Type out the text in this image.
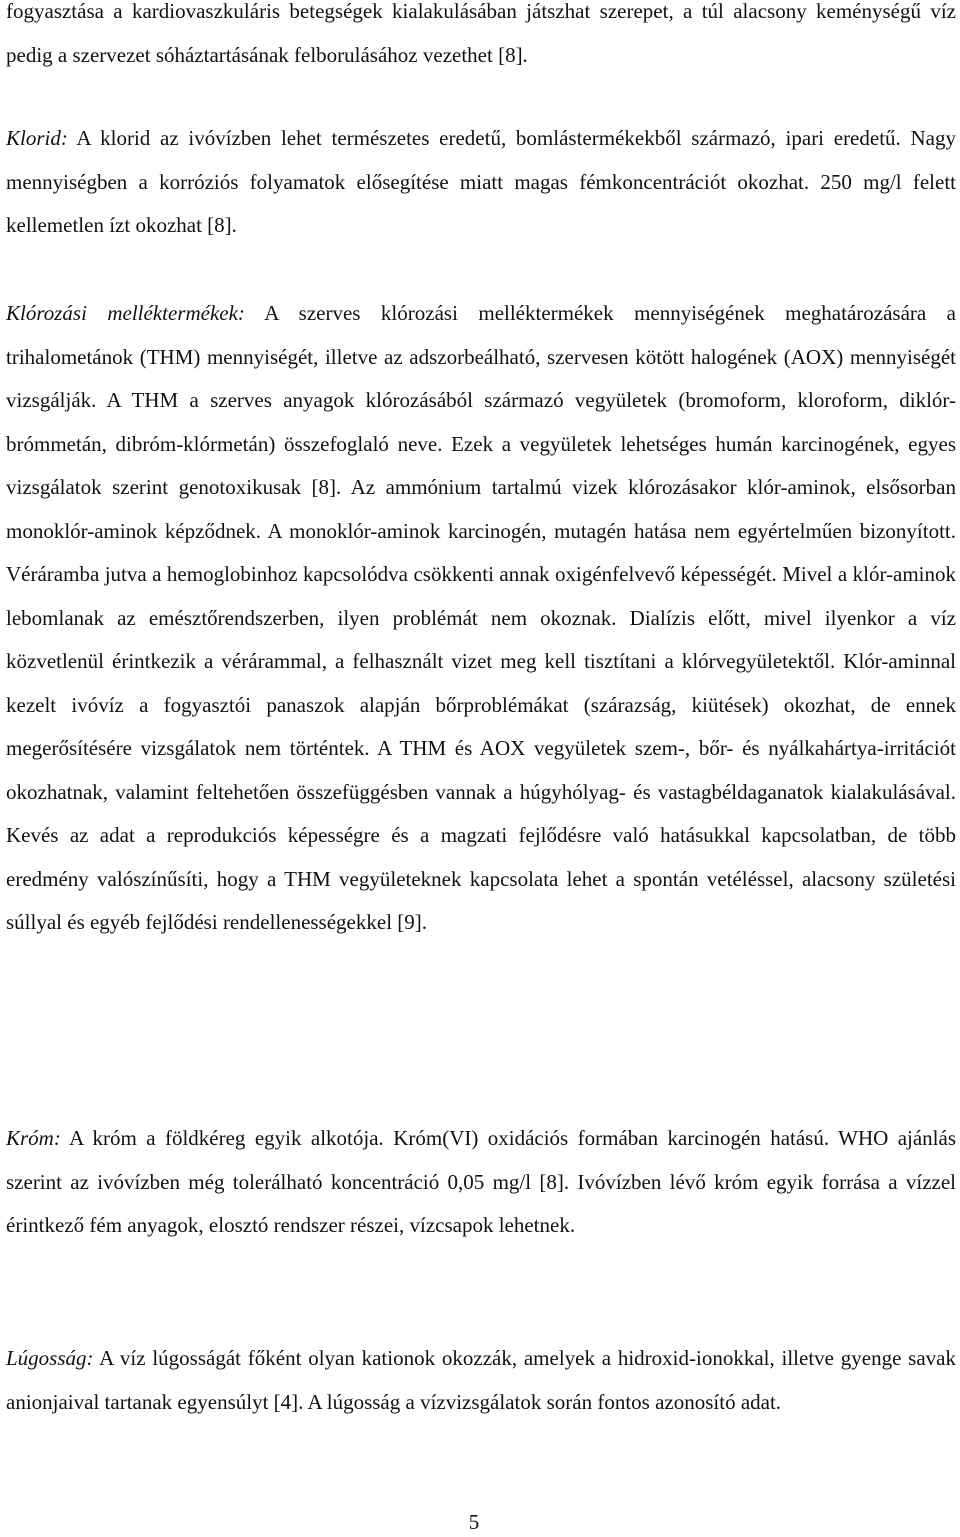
fogyasztása a kardiovaszkuláris betegségek kialakulásában játszhat szerepet, a túl alacsony keménységű víz pedig a szervezet sóháztartásának felborulásához vezethet [8].

Klorid: A klorid az ivóvízben lehet természetes eredetű, bomlástermékekből származó, ipari eredetű. Nagy mennyiségben a korróziós folyamatok elősegítése miatt magas fémkoncentrációt okozhat. 250 mg/l felett kellemetlen ízt okozhat [8].

Klórozási melléktermékek: A szerves klórozási melléktermékek mennyiségének meghatározására a trihalometánok (THM) mennyiségét, illetve az adszorbeálható, szervesen kötött halogének (AOX) mennyiségét vizsgálják. A THM a szerves anyagok klórozásából származó vegyületek (bromoform, kloroform, diklór-brómmetán, dibróm-klórmetán) összefoglaló neve. Ezek a vegyületek lehetséges humán karcinogének, egyes vizsgálatok szerint genotoxikusak [8]. Az ammónium tartalmú vizek klórozásakor klór-aminok, elsősorban monoklór-aminok képződnek. A monoklór-aminok karcinogén, mutagén hatása nem egyértelműen bizonyított. Véráramba jutva a hemoglobinhoz kapcsolódva csökkenti annak oxigénfelvevő képességét. Mivel a klór-aminok lebomlanak az emésztőrendszerben, ilyen problémát nem okoznak. Dialízis előtt, mivel ilyenkor a víz közvetlenül érintkezik a vérárammal, a felhasznált vizet meg kell tisztítani a klórvegyületektől. Klór-aminnal kezelt ivóvíz a fogyasztói panaszok alapján bőrproblémákat (szárazság, kiütések) okozhat, de ennek megerősítésére vizsgálatok nem történtek. A THM és AOX vegyületek szem-, bőr- és nyálkahártya-irritációt okozhatnak, valamint feltehetően összefüggésben vannak a húgyhólyag- és vastagbéldaganatok kialakulásával. Kevés az adat a reprodukciós képességre és a magzati fejlődésre való hatásukkal kapcsolatban, de több eredmény valószínűsíti, hogy a THM vegyületeknek kapcsolata lehet a spontán vetéléssel, alacsony születési súllyal és egyéb fejlődési rendellenességekkel [9].

Króm: A króm a földkéreg egyik alkotója. Króm(VI) oxidációs formában karcinogén hatású. WHO ajánlás szerint az ivóvízben még tolerálható koncentráció 0,05 mg/l [8]. Ivóvízben lévő króm egyik forrása a vízzel érintkező fém anyagok, elosztó rendszer részei, vízcsapok lehetnek.

Lúgosság: A víz lúgosságát főként olyan kationok okozzák, amelyek a hidroxid-ionokkal, illetve gyenge savak anionjaival tartanak egyensúlyt [4]. A lúgosság a vízvizsgálatok során fontos azonosító adat.

5
